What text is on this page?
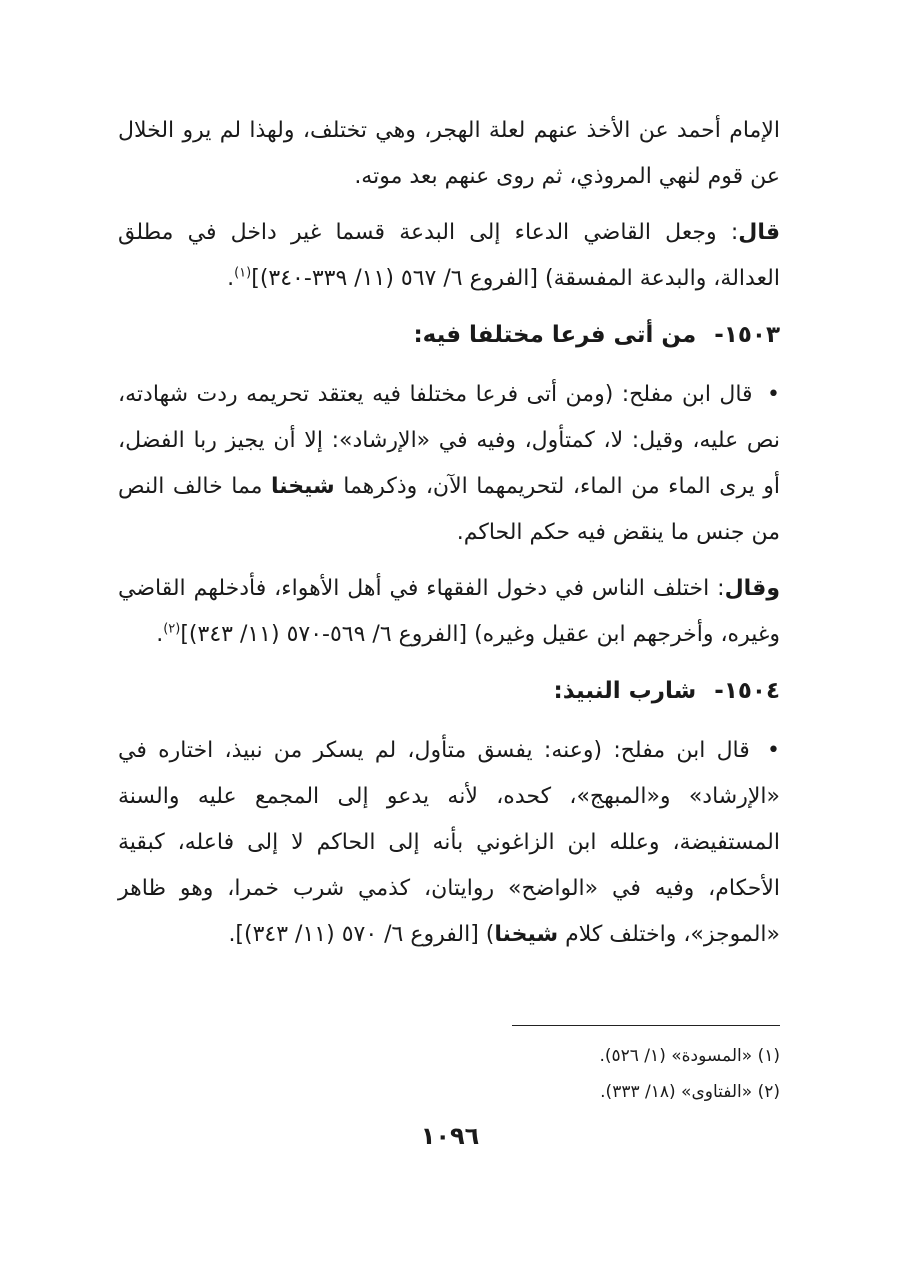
الإمام أحمد عن الأخذ عنهم لعلة الهجر، وهي تختلف، ولهذا لم يرو الخلال عن قوم لنهي المروذي، ثم روى عنهم بعد موته.

قال: وجعل القاضي الدعاء إلى البدعة قسما غير داخل في مطلق العدالة، والبدعة المفسقة) [الفروع ٦/ ٥٦٧ (١١/ ٣٣٩-٣٤٠)]$^{(١)}$.

١٥٠٣-من أتى فرعا مختلفا فيه:

• قال ابن مفلح: (ومن أتى فرعا مختلفا فيه يعتقد تحريمه ردت شهادته، نص عليه، وقيل: لا، كمتأول، وفيه في «الإرشاد»: إلا أن يجيز ربا الفضل، أو يرى الماء من الماء، لتحريمهما الآن، وذكرهما شيخنا مما خالف النص من جنس ما ينقض فيه حكم الحاكم.

وقال: اختلف الناس في دخول الفقهاء في أهل الأهواء، فأدخلهم القاضي وغيره، وأخرجهم ابن عقيل وغيره) [الفروع ٦/ ٥٦٩-٥٧٠ (١١/ ٣٤٣)]$^{(٢)}$.

١٥٠٤-شارب النبيذ:

• قال ابن مفلح: (وعنه: يفسق متأول، لم يسكر من نبيذ، اختاره في «الإرشاد» و«المبهج»، كحده، لأنه يدعو إلى المجمع عليه والسنة المستفيضة، وعلله ابن الزاغوني بأنه إلى الحاكم لا إلى فاعله، كبقية الأحكام، وفيه في «الواضح» روايتان، كذمي شرب خمرا، وهو ظاهر «الموجز»، واختلف كلام شيخنا) [الفروع ٦/ ٥٧٠ (١١/ ٣٤٣)].

(١) «المسودة» (١/ ٥٢٦).
(٢) «الفتاوى» (١٨/ ٣٣٣).
١٠٩٦
